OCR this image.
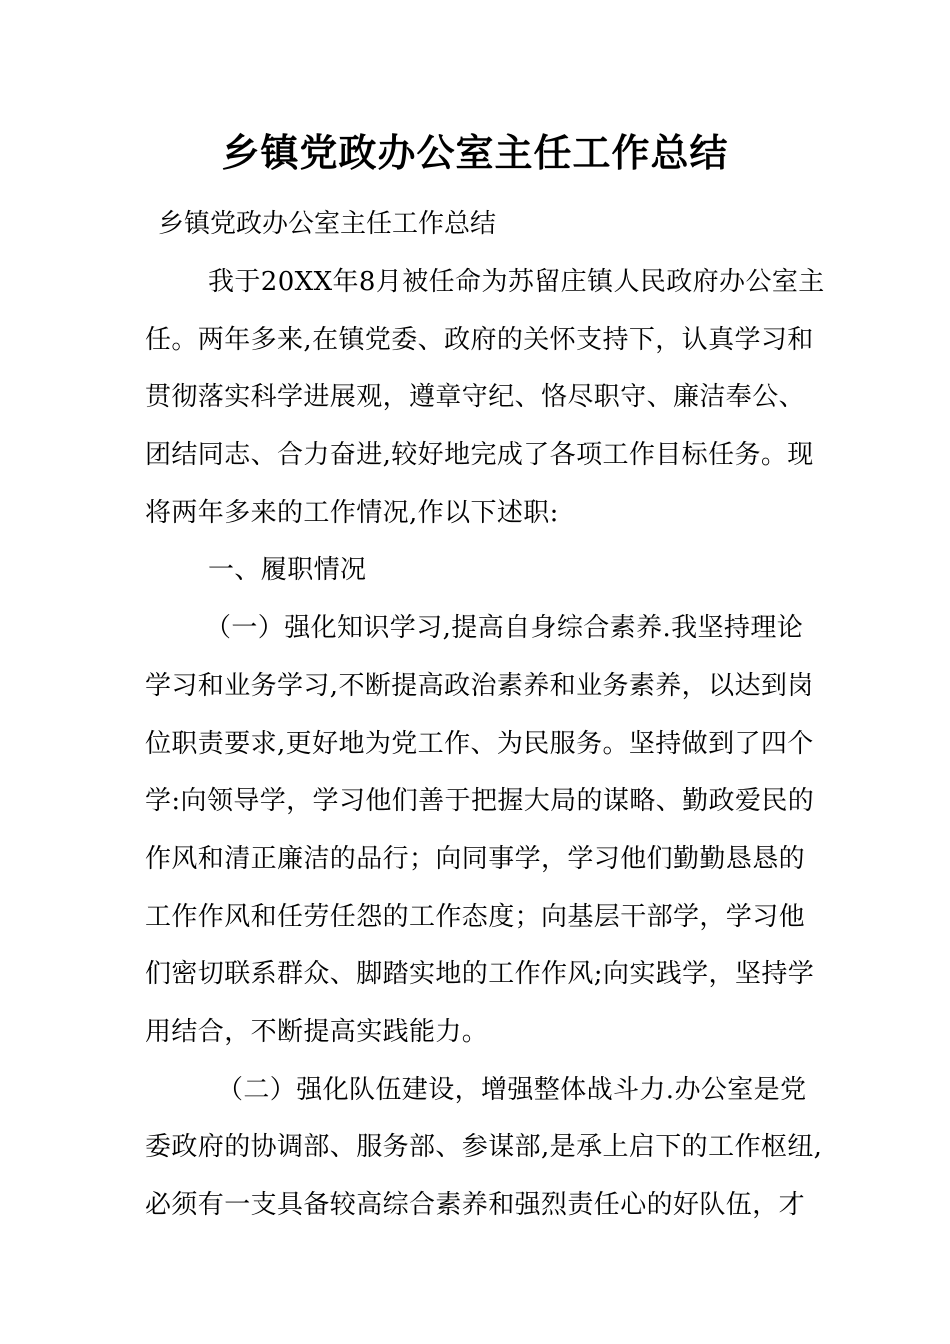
乡镇党政办公室主任工作总结

乡镇党政办公室主任工作总结

我于20XX年8月被任命为苏留庄镇人民政府办公室主
任。两年多来,在镇党委、政府的关怀支持下，认真学习和
贯彻落实科学进展观，遵章守纪、恪尽职守、廉洁奉公、
团结同志、合力奋进,较好地完成了各项工作目标任务。现
将两年多来的工作情况,作以下述职:
一、履职情况
（一）强化知识学习,提高自身综合素养.我坚持理论
学习和业务学习,不断提高政治素养和业务素养，以达到岗
位职责要求,更好地为党工作、为民服务。坚持做到了四个
学:向领导学，学习他们善于把握大局的谋略、勤政爱民的
作风和清正廉洁的品行；向同事学，学习他们勤勤恳恳的
工作作风和任劳任怨的工作态度；向基层干部学，学习他
们密切联系群众、脚踏实地的工作作风;向实践学，坚持学
用结合，不断提高实践能力。
（二）强化队伍建设，增强整体战斗力.办公室是党
委政府的协调部、服务部、参谋部,是承上启下的工作枢纽,
必须有一支具备较高综合素养和强烈责任心的好队伍，才
